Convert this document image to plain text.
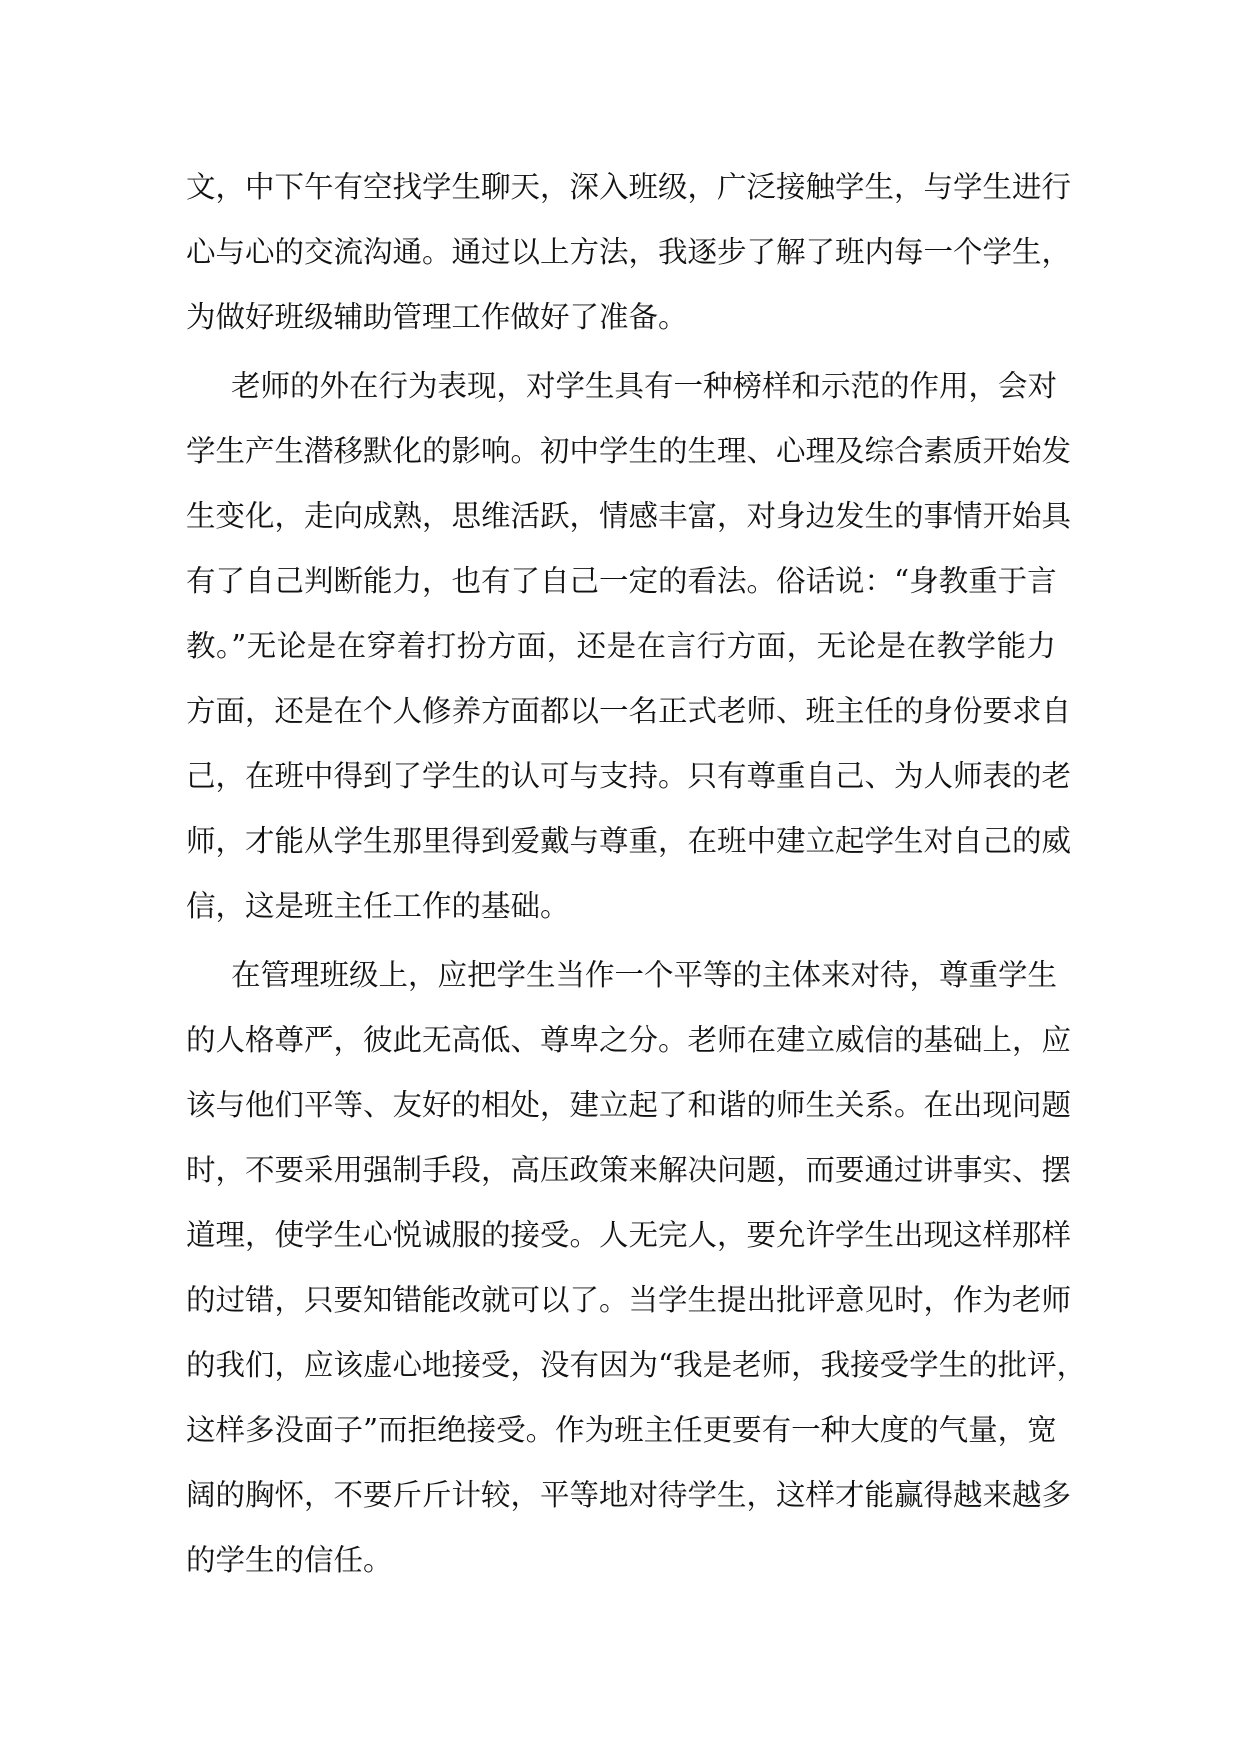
文，中下午有空找学生聊天，深入班级，广泛接触学生，与学生进行
心与心的交流沟通。通过以上方法，我逐步了解了班内每一个学生，
为做好班级辅助管理工作做好了准备。
老师的外在行为表现，对学生具有一种榜样和示范的作用，会对
学生产生潜移默化的影响。初中学生的生理、心理及综合素质开始发
生变化，走向成熟，思维活跃，情感丰富，对身边发生的事情开始具
有了自己判断能力，也有了自己一定的看法。俗话说：“身教重于言
教。”无论是在穿着打扮方面，还是在言行方面，无论是在教学能力
方面，还是在个人修养方面都以一名正式老师、班主任的身份要求自
己，在班中得到了学生的认可与支持。只有尊重自己、为人师表的老
师，才能从学生那里得到爱戴与尊重，在班中建立起学生对自己的威
信，这是班主任工作的基础。
在管理班级上，应把学生当作一个平等的主体来对待，尊重学生
的人格尊严，彼此无高低、尊卑之分。老师在建立威信的基础上，应
该与他们平等、友好的相处，建立起了和谐的师生关系。在出现问题
时，不要采用强制手段，高压政策来解决问题，而要通过讲事实、摆
道理，使学生心悦诚服的接受。人无完人，要允许学生出现这样那样
的过错，只要知错能改就可以了。当学生提出批评意见时，作为老师
的我们，应该虚心地接受，没有因为“我是老师，我接受学生的批评，
这样多没面子”而拒绝接受。作为班主任更要有一种大度的气量，宽
阔的胸怀，不要斤斤计较，平等地对待学生，这样才能赢得越来越多
的学生的信任。
